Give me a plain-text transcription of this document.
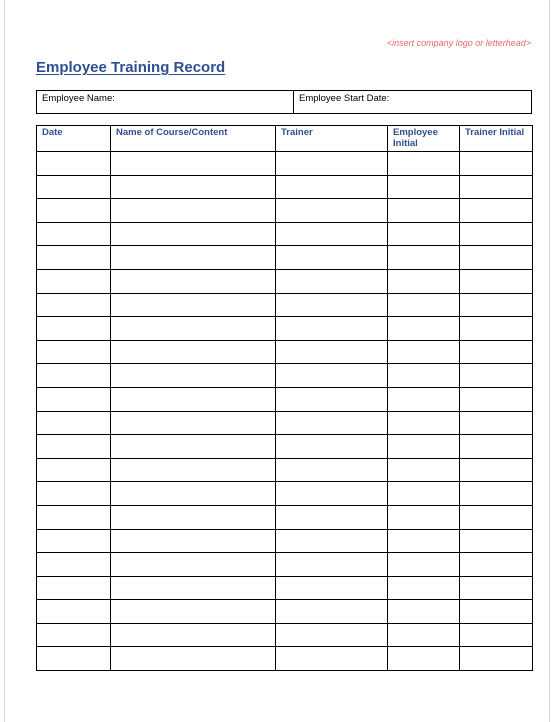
<insert company logo or letterhead>
Employee Training Record
Employee Name:	Employee Start Date:
Date	Name of Course/Content	Trainer	Employee Initial	Trainer Initial
